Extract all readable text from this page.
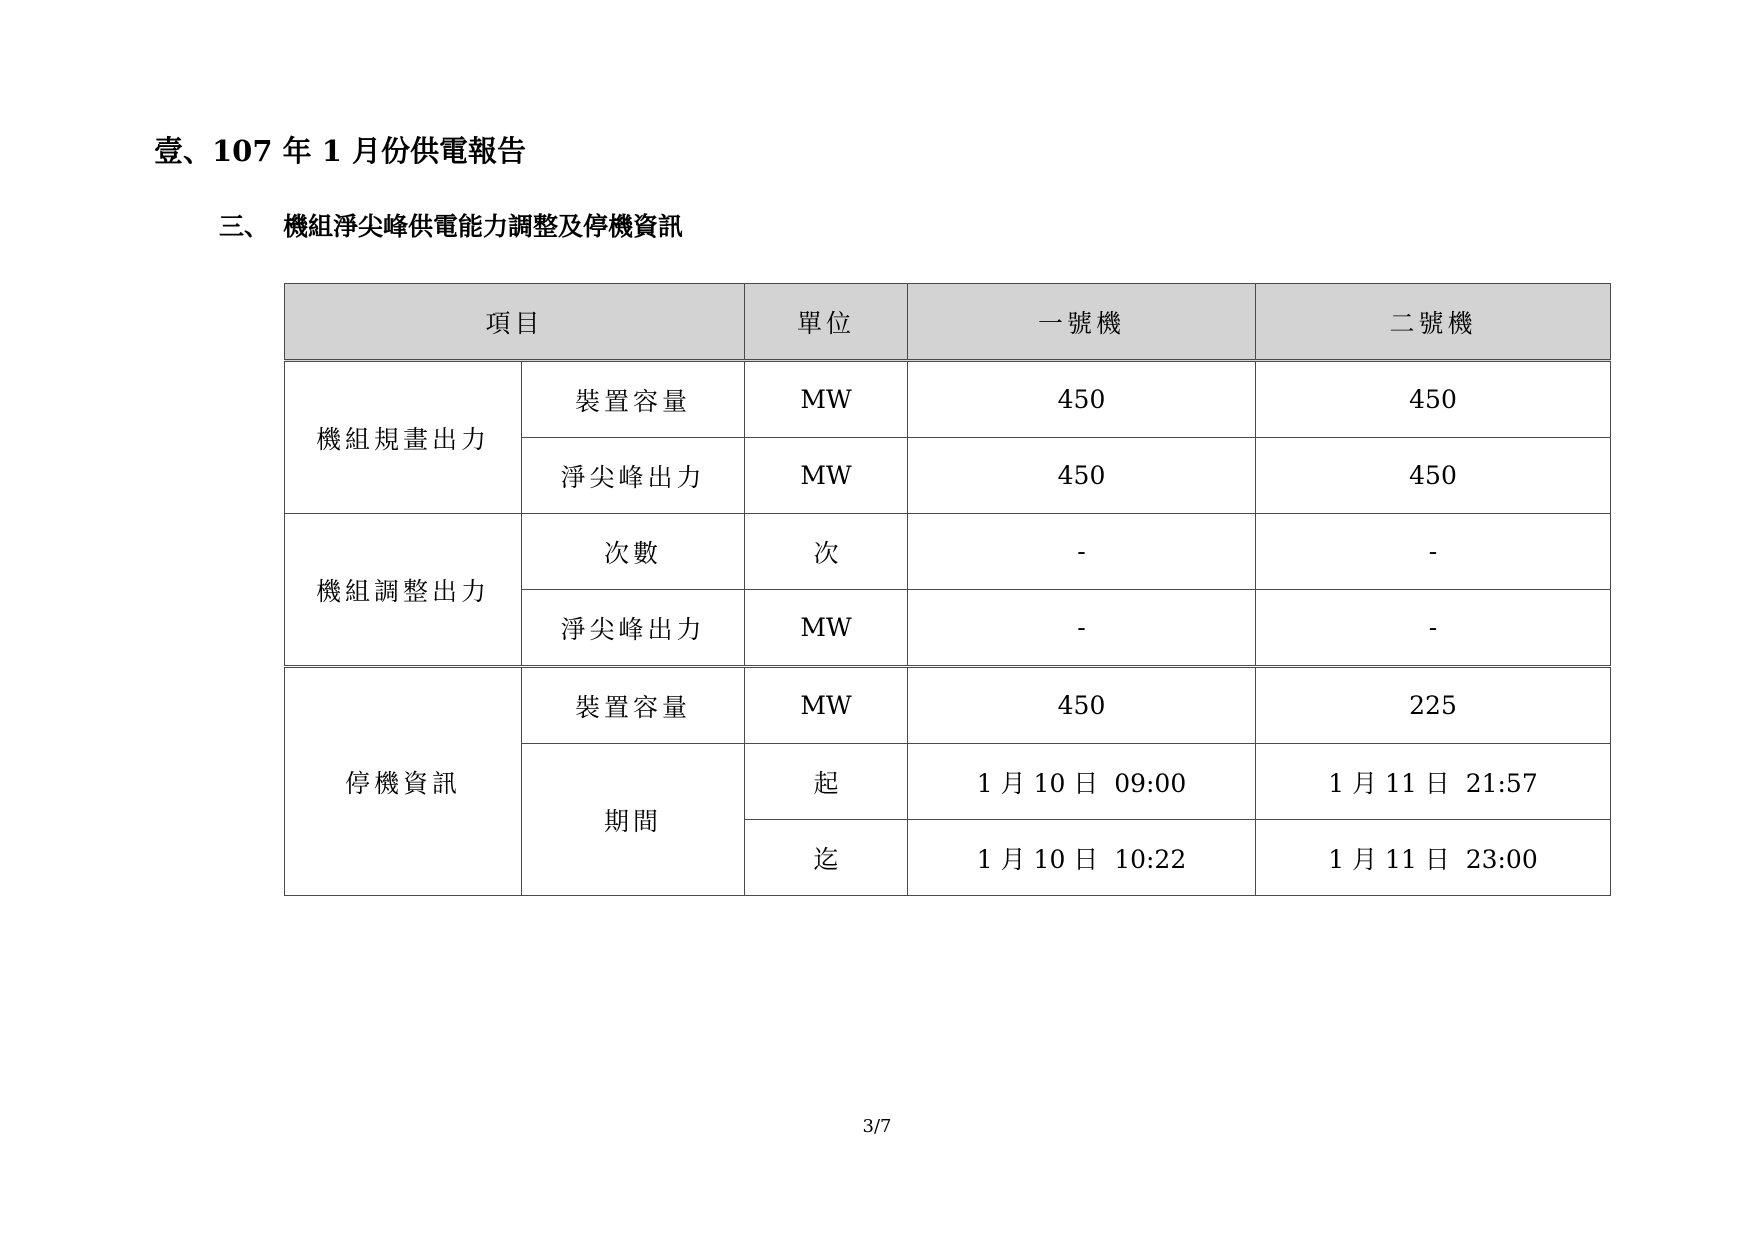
壹、107 年 1 月份供電報告
三、 機組淨尖峰供電能力調整及停機資訊
項目		單位	一號機	二號機
機組規畫出力	裝置容量	MW	450	450
	淨尖峰出力	MW	450	450
機組調整出力	次數	次	-	-
	淨尖峰出力	MW	-	-
停機資訊	裝置容量	MW	450	225
	期間	起	1 月 10 日  09:00	1 月 11 日  21:57
		迄	1 月 10 日  10:22	1 月 11 日  23:00
3/7
